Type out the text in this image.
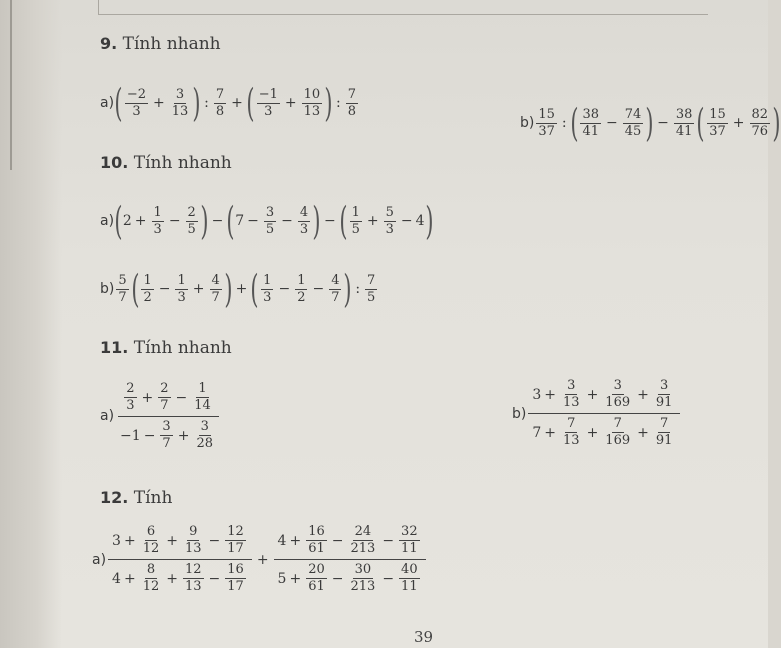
9. Tính nhanh
a) ( $\frac{-2}{3} + \frac{3}{13}$ ) : $\frac{7}{8}$ + ( $\frac{-1}{3} + \frac{10}{13}$ ) : $\frac{7}{8}$
$b) \frac{15}{37}$ : ( $\frac{38}{41} - \frac{74}{45}$ ) − $\frac{38}{41}$ ( $\frac{15}{37} + \frac{82}{76}$ )
10. Tính nhanh
a) ( $2 + \frac{1}{3} - \frac{2}{5}$ ) − ( $7 - \frac{3}{5} - \frac{4}{3}$ ) − ( $\frac{1}{5} + \frac{5}{3} - 4$ )
$b) \frac{5}{7}$ ( $\frac{1}{2} - \frac{1}{3} + \frac{4}{7}$ ) + ( $\frac{1}{3} - \frac{1}{2} - \frac{4}{7}$ ) : $\frac{7}{5}$
11. Tính nhanh
$a) \frac{\frac{2}{3} + \frac{2}{7} - \frac{1}{14}}{-1 - \frac{3}{7} + \frac{3}{28}}$	b)
$3 + \frac{3}{13} + \frac{3}{169} + \frac{3}{91}$
$7 + \frac{7}{13} + \frac{7}{169} + \frac{7}{91}$
12. Tính
a)
$3 + \frac{6}{12} + \frac{9}{13} - \frac{12}{17}$
$4 + \frac{8}{12} + \frac{12}{13} - \frac{16}{17}$
+
$4 + \frac{16}{61} - \frac{24}{213} - \frac{32}{11}$
$5 + \frac{20}{61} - \frac{30}{213} - \frac{40}{11}$
39
